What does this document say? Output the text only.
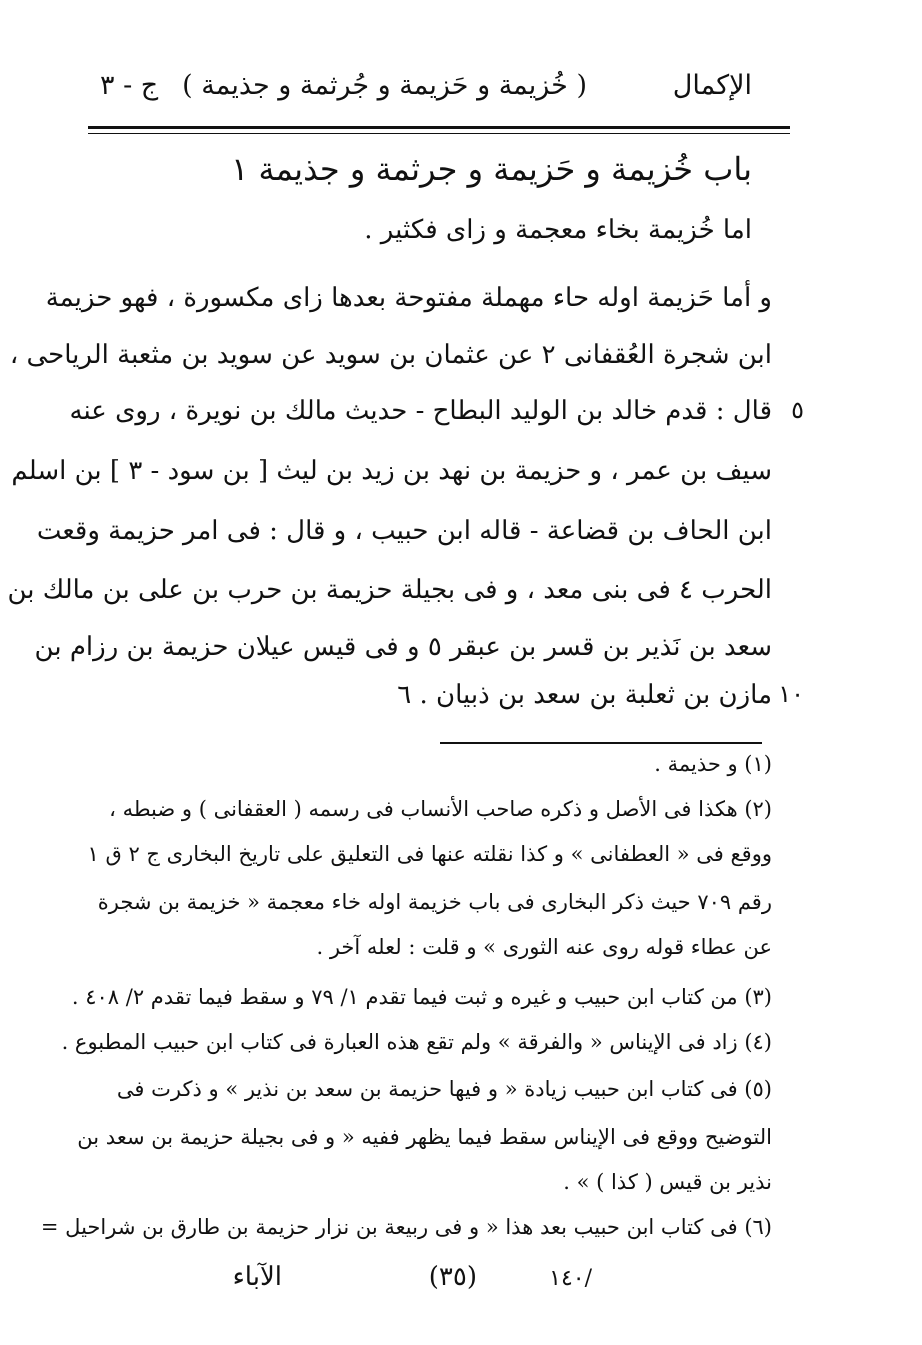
الإكمال
( خُزيمة و حَزيمة و جُرثمة و جذيمة )
ج - ٣
باب خُزيمة و حَزيمة و جرثمة و جذيمة ١
اما خُزيمة بخاء معجمة و زاى فكثير .
و أما حَزيمة اوله حاء مهملة مفتوحة بعدها زاى مكسورة ، فهو حزيمة
ابن شجرة العُقفانى ٢ عن عثمان بن سويد عن سويد بن مثعبة الرياحى ،
قال : قدم خالد بن الوليد البطاح - حديث مالك بن نويرة ، روى عنه ٥
سيف بن عمر ، و حزيمة بن نهد بن زيد بن ليث [ بن سود - ٣ ] بن اسلم
ابن الحاف بن قضاعة - قاله ابن حبيب ، و قال : فى امر حزيمة وقعت
الحرب ٤ فى بنى معد ، و فى بجيلة حزيمة بن حرب بن على بن مالك بن
سعد بن نَذير بن قسر بن عبقر ٥ و فى قيس عيلان حزيمة بن رزام بن
مازن بن ثعلبة بن سعد بن ذبيان . ٦ ١٠
(١) و حذيمة .
(٢) هكذا فى الأصل و ذكره صاحب الأنساب فى رسمه ( العقفانى ) و ضبطه ،
ووقع فى « العطفانى » و كذا نقلته عنها فى التعليق على تاريخ البخارى ج ٢ ق ١
رقم ٧٠٩ حيث ذكر البخارى فى باب خزيمة اوله خاء معجمة « خزيمة بن شجرة
عن عطاء قوله روى عنه الثورى » و قلت : لعله آخر .
(٣) من كتاب ابن حبيب و غيره و ثبت فيما تقدم ١/ ٧٩ و سقط فيما تقدم ٢/ ٤٠٨ .
(٤) زاد فى الإيناس « والفرقة » ولم تقع هذه العبارة فى كتاب ابن حبيب المطبوع .
(٥) فى كتاب ابن حبيب زيادة « و فيها حزيمة بن سعد بن نذير » و ذكرت فى
التوضيح ووقع فى الإيناس سقط فيما يظهر ففيه « و فى بجيلة حزيمة بن سعد بن
نذير بن قيس ( كذا ) » .
(٦) فى كتاب ابن حبيب بعد هذا « و فى ربيعة بن نزار حزيمة بن طارق بن شراحيل =
الآباء	(٣٥)	/١٤٠
